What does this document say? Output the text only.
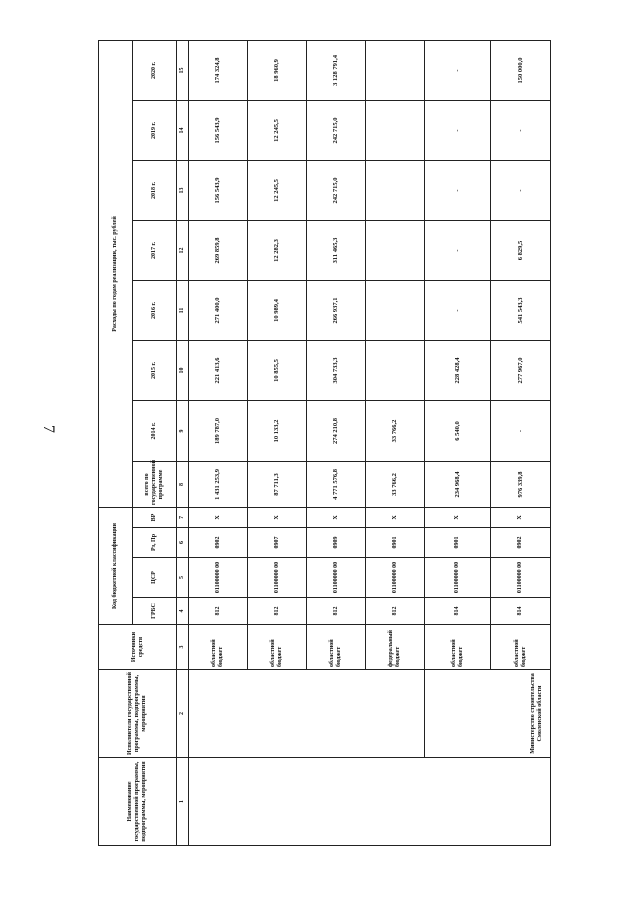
7
Наименование государственной программы, подпрограммы, мероприятия	Исполнители государственной программы, подпрограммы, мероприятия	Источники средств	Код бюджетной классификации				Расходы по годам реализации, тыс. рублей							
			ГРБС	ЦСР	Рз, Пр	ВР	всего по государственной программе	2014 г.	2015 г.	2016 г.	2017 г.	2018 г.	2019 г.	2020 г.
1	2	3	4	5	6	7	8	9	10	11	12	13	14	15
		областной бюджет	812	01100000 00	0902	X	1 431 253,9	189 787,0	221 413,6	271 400,0	269 859,8	156 543,9	156 543,9	174 324,8
		областной бюджет	812	01100000 00	0907	X	87 711,3	10 133,2	10 855,5	10 989,4	12 282,3	12 245,5	12 245,5	18 960,9
		областной бюджет	812	01100000 00	0909	X	4 771 576,8	274 210,8	304 733,3	266 937,1	311 465,3	242 715,0	242 715,0	3 128 791,4
		федеральный бюджет	812	01100000 00	0901	X	33 766,2	33 766,2						
	Министерство строительства Смоленской области	областной бюджет	814	01100000 00	0901	X	234 968,4	6 540,0	228 428,4	-	-	-	-	-
		областной бюджет	814	01100000 00	0902	X	976 339,8	-	277 967,0	541 543,3	6 829,5	-	-	150 000,0
